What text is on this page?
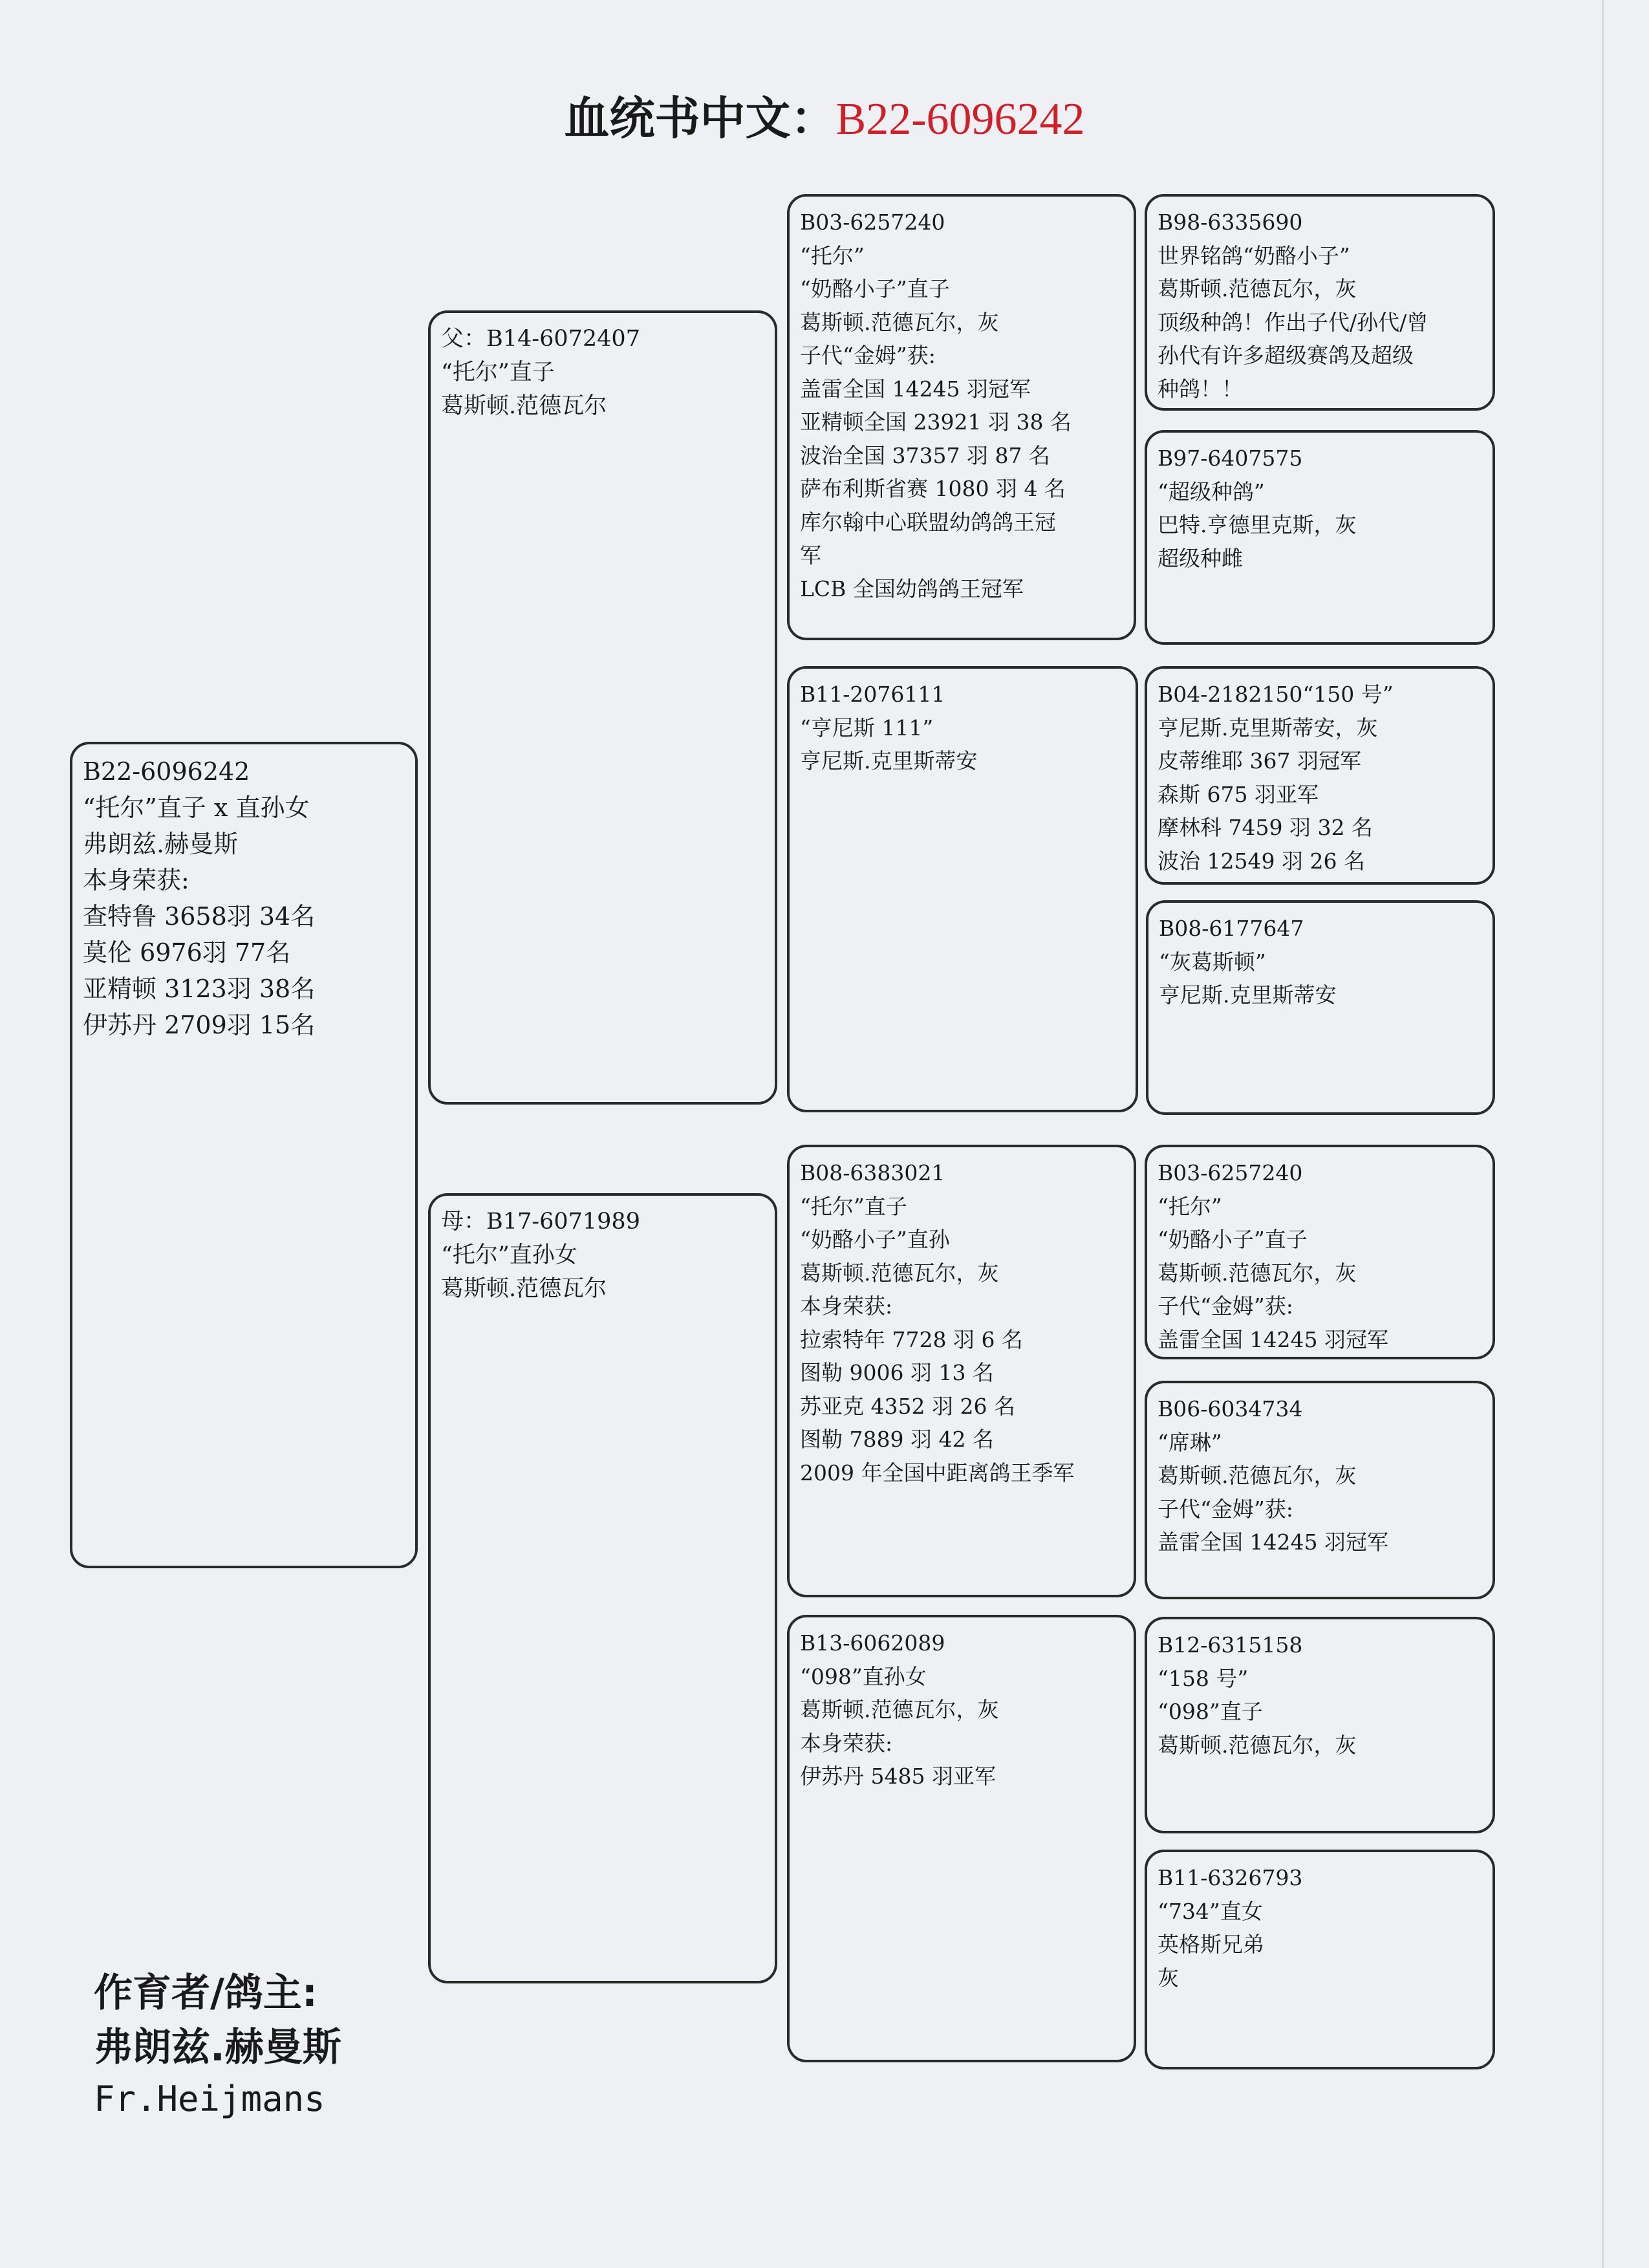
血统书中文：B22-6096242
B22-6096242
“托尔”直子 x 直孙女
弗朗兹.赫曼斯
本身荣获:
查特鲁 3658羽 34名
莫伦 6976羽 77名
亚精顿 3123羽 38名
伊苏丹 2709羽 15名
父：B14-6072407
“托尔”直子
葛斯顿.范德瓦尔
母：B17-6071989
“托尔”直孙女
葛斯顿.范德瓦尔
B03-6257240
“托尔”
“奶酪小子”直子
葛斯顿.范德瓦尔，灰
子代“金姆”获:
盖雷全国 14245 羽冠军
亚精顿全国 23921 羽 38 名
波治全国 37357 羽 87 名
萨布利斯省赛 1080 羽 4 名
库尔翰中心联盟幼鸽鸽王冠
军
LCB 全国幼鸽鸽王冠军
B11-2076111
“亨尼斯 111”
亨尼斯.克里斯蒂安
B08-6383021
“托尔”直子
“奶酪小子”直孙
葛斯顿.范德瓦尔，灰
本身荣获:
拉索特年 7728 羽 6 名
图勒 9006 羽 13 名
苏亚克 4352 羽 26 名
图勒 7889 羽 42 名
2009 年全国中距离鸽王季军
B13-6062089
“098”直孙女
葛斯顿.范德瓦尔，灰
本身荣获:
伊苏丹 5485 羽亚军
B98-6335690
世界铭鸽“奶酪小子”
葛斯顿.范德瓦尔，灰
顶级种鸽！作出子代/孙代/曾
孙代有许多超级赛鸽及超级
种鸽！！
B97-6407575
“超级种鸽”
巴特.亨德里克斯，灰
超级种雌
B04-2182150“150 号”
亨尼斯.克里斯蒂安，灰
皮蒂维耶 367 羽冠军
森斯 675 羽亚军
摩林科 7459 羽 32 名
波治 12549 羽 26 名
B08-6177647
“灰葛斯顿”
亨尼斯.克里斯蒂安
B03-6257240
“托尔”
“奶酪小子”直子
葛斯顿.范德瓦尔，灰
子代“金姆”获:
盖雷全国 14245 羽冠军
B06-6034734
“席琳”
葛斯顿.范德瓦尔，灰
子代“金姆”获:
盖雷全国 14245 羽冠军
B12-6315158
“158 号”
“098”直子
葛斯顿.范德瓦尔，灰
B11-6326793
“734”直女
英格斯兄弟
灰
作育者/鸽主:
弗朗兹.赫曼斯
Fr.Heijmans
